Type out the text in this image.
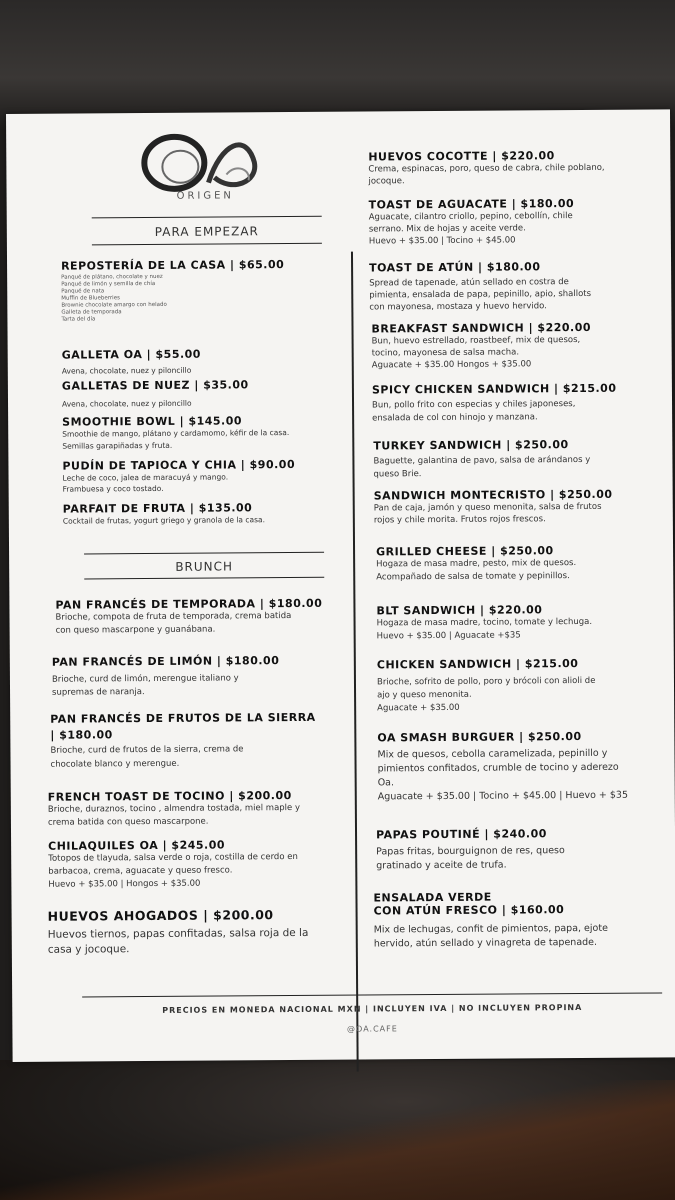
ORIGEN
PARA EMPEZAR
REPOSTERÍA DE LA CASA | $65.00
Panqué de plátano, chocolate y nuez
Panqué de limón y semilla de chía
Panqué de nata
Muffin de Blueberries
Brownie chocolate amargo con helado
Galleta de temporada
Tarta del día
GALLETA OA | $55.00
Avena, chocolate, nuez y piloncillo
GALLETAS DE NUEZ | $35.00
Avena, chocolate, nuez y piloncillo
SMOOTHIE BOWL | $145.00
Smoothie de mango, plátano y cardamomo, kéfir de la casa.
Semillas garapiñadas y fruta.
PUDÍN DE TAPIOCA Y CHIA | $90.00
Leche de coco, jalea de maracuyá y mango.
Frambuesa y coco tostado.
PARFAIT DE FRUTA | $135.00
Cocktail de frutas, yogurt griego y granola de la casa.
BRUNCH
PAN FRANCÉS DE TEMPORADA | $180.00
Brioche, compota de fruta de temporada, crema batida
con queso mascarpone y guanábana.
PAN FRANCÉS DE LIMÓN | $180.00
Brioche, curd de limón, merengue italiano y
supremas de naranja.
PAN FRANCÉS DE FRUTOS DE LA SIERRA
| $180.00
Brioche, curd de frutos de la sierra, crema de
chocolate blanco y merengue.
FRENCH TOAST DE TOCINO | $200.00
Brioche, duraznos, tocino , almendra tostada, miel maple y
crema batida con queso mascarpone.
CHILAQUILES OA | $245.00
Totopos de tlayuda, salsa verde o roja, costilla de cerdo en
barbacoa, crema, aguacate y queso fresco.
Huevo + $35.00 | Hongos + $35.00
HUEVOS AHOGADOS | $200.00
Huevos tiernos, papas confitadas, salsa roja de la
casa y jocoque.
HUEVOS COCOTTE | $220.00
Crema, espinacas, poro, queso de cabra, chile poblano,
jocoque.
TOAST DE AGUACATE | $180.00
Aguacate, cilantro criollo, pepino, cebollín, chile
serrano. Mix de hojas y aceite verde.
Huevo + $35.00 | Tocino + $45.00
TOAST DE ATÚN | $180.00
Spread de tapenade, atún sellado en costra de
pimienta, ensalada de papa, pepinillo, apio, shallots
con mayonesa, mostaza y huevo hervido.
BREAKFAST SANDWICH | $220.00
Bun, huevo estrellado, roastbeef, mix de quesos,
tocino, mayonesa de salsa macha.
Aguacate + $35.00 Hongos + $35.00
SPICY CHICKEN SANDWICH | $215.00
Bun, pollo frito con especias y chiles japoneses,
ensalada de col con hinojo y manzana.
TURKEY SANDWICH | $250.00
Baguette, galantina de pavo, salsa de arándanos y
queso Brie.
SANDWICH MONTECRISTO | $250.00
Pan de caja, jamón y queso menonita, salsa de frutos
rojos y chile morita. Frutos rojos frescos.
GRILLED CHEESE | $250.00
Hogaza de masa madre, pesto, mix de quesos.
Acompañado de salsa de tomate y pepinillos.
BLT SANDWICH | $220.00
Hogaza de masa madre, tocino, tomate y lechuga.
Huevo + $35.00 | Aguacate +$35
CHICKEN SANDWICH | $215.00
Brioche, sofrito de pollo, poro y brócoli con alioli de
ajo y queso menonita.
Aguacate + $35.00
OA SMASH BURGUER | $250.00
Mix de quesos, cebolla caramelizada, pepinillo y
pimientos confitados, crumble de tocino y aderezo
Oa.
Aguacate + $35.00 | Tocino + $45.00 | Huevo + $35
PAPAS POUTINÉ | $240.00
Papas fritas, bourguignon de res, queso
gratinado y aceite de trufa.
ENSALADA VERDE
CON ATÚN FRESCO | $160.00
Mix de lechugas, confit de pimientos, papa, ejote
hervido, atún sellado y vinagreta de tapenade.
PRECIOS EN MONEDA NACIONAL MXN | INCLUYEN IVA | NO INCLUYEN PROPINA
@OA.CAFE
